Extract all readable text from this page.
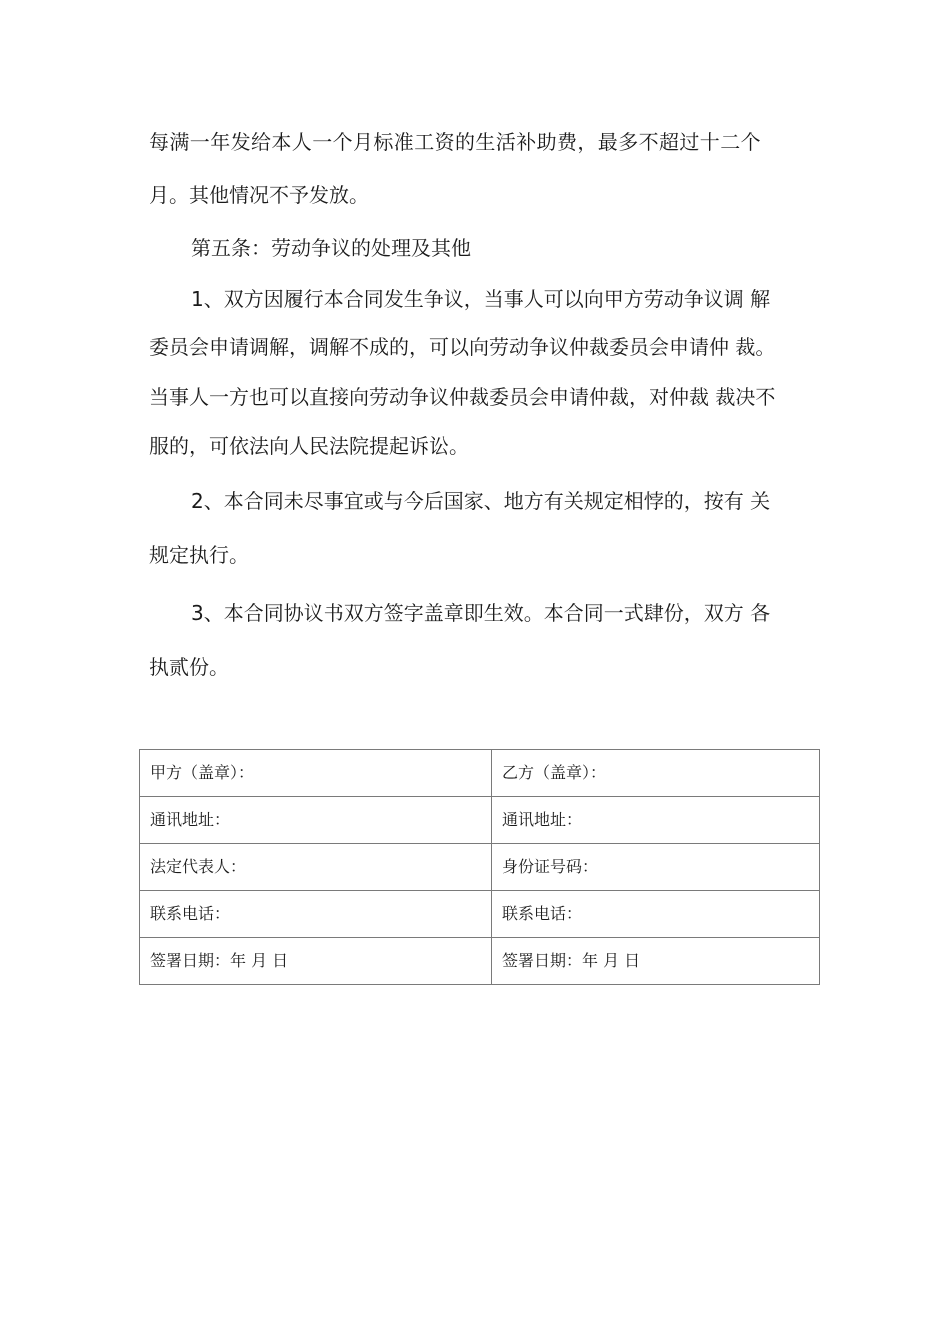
每满一年发给本人一个月标准工资的生活补助费，最多不超过十二个
月。其他情况不予发放。
第五条：劳动争议的处理及其他
1、双方因履行本合同发生争议，当事人可以向甲方劳动争议调 解
委员会申请调解，调解不成的，可以向劳动争议仲裁委员会申请仲 裁。
当事人一方也可以直接向劳动争议仲裁委员会申请仲裁，对仲裁 裁决不
服的，可依法向人民法院提起诉讼。
2、本合同未尽事宜或与今后国家、地方有关规定相悖的，按有 关
规定执行。
3、本合同协议书双方签字盖章即生效。本合同一式肆份，双方 各
执贰份。
甲方（盖章）：	乙方（盖章）：
通讯地址：	通讯地址：
法定代表人：	身份证号码：
联系电话：	联系电话：
签署日期：年 月 日	签署日期：年 月 日
